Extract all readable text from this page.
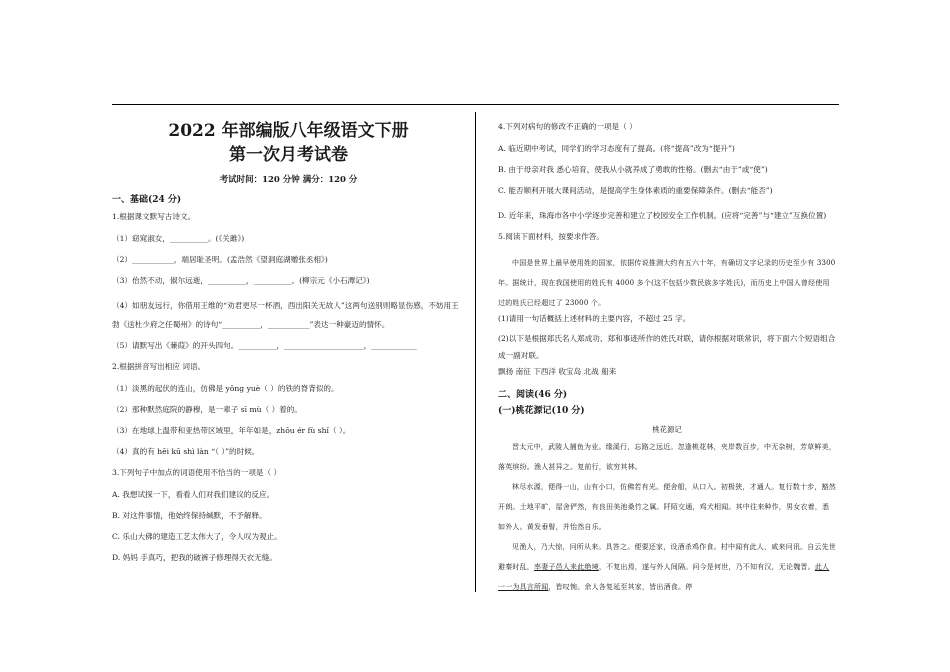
2022 年部编版八年级语文下册

第一次月考试卷

考试时间：120 分钟 满分：120 分

一、基础(24 分)

1.根据课文默写古诗文。

（1）窈窕淑女，__________。(《关雎》)

（2）___________，端居耻圣明。(孟浩然《望洞庭湖赠张丞相》)

（3）佁然不动，俶尔远逝，__________，__________。(柳宗元《小石潭记》)

（4）如朋友远行，你借用王维的“劝君更尽一杯酒，西出阳关无故人”这两句送别则略显伤感，不妨用王勃《送杜少府之任蜀州》的诗句“__________，___________”表达一种豪迈的情怀。

（5）请默写出《蒹葭》的开头四句。__________，_____________________，____________

2.根据拼音写出相应 词语。

（1）淡黑的起伏的连山，仿佛是 yǒng yuè（ ）的铁的脊背似的。

（2）那种默然庭院的静穆，是一辈子 sī mù（ ）着的。

（3）在地球上温带和亚热带区域里，年年如是，zhōu ér fù shǐ（ ）。

（4）真的有 hēi kū shì làn “（ ）”的时候。

3.下列句子中加点的词语使用不恰当的一项是（ ）

A. 我想试探一下，看看人们对我们建议的反应。

B. 对这件事情，他始终保持缄默，不予解释。

C. 乐山大佛的建造工艺太伟大了，令人叹为观止。

D. 妈妈 手真巧，把我的破裤子修理得天衣无缝。

4.下列对病句的修改不正确的一项是（ ）

A. 临近期中考试，同学们的学习态度有了提高。(将“提高”改为“提升”)

B. 由于母亲对我 悉心培育，使我从小就养成了勇敢的性格。(删去“由于”或“使”)

C. 能否顺利开展大课间活动，是提高学生身体素质的重要保障条件。(删去“能否”)

D. 近年来，珠海市各中小学逐步完善和建立了校园安全工作机制。(应将“完善”与“建立”互换位置)

5.阅读下面材料，按要求作答。

中国是世界上最早使用姓的国家，依据传说推测大约有五六十年，有确切文字记录的历史至少有 3300 年。据统计，现在我国使用的姓氏有 4000 多个(这不包括少数民族多字姓氏)，而历史上中国人曾经使用过的姓氏已经超过了 23000 个。

(1)请用一句话概括上述材料的主要内容，不超过 25 字。

(2)以下是根据郑氏名人郑成功、郑和事迹所作的姓氏对联，请你根据对联常识，将下面六个短语组合成一副对联。

飘扬 南征 下西洋 收宝岛 北战 船来

二、阅读(46 分)

(一)桃花源记(10 分)

桃花源记

晋太元中，武陵人捕鱼为业。缘溪行，忘路之远近。忽逢桃花林，夹岸数百步，中无杂树，芳草鲜美，落英缤纷。渔人甚异之。复前行，欲穷其林。

林尽水源，便得一山，山有小口，仿佛若有光。便舍船，从口入。初极狭，才通人。复行数十步，豁然开朗。土地平旷，屋舍俨然，有良田美池桑竹之属。阡陌交通，鸡犬相闻。其中往来种作，男女衣着，悉如外人。黄发垂髫，并怡然自乐。

见渔人，乃大惊，问所从来。具答之。便要还家，设酒杀鸡作食。村中闻有此人，咸来问讯。自云先世避秦时乱，率妻子邑人来此绝境，不复出焉，遂与外人间隔。问今是何世，乃不知有汉，无论魏晋。此人一一为具言所闻，皆叹惋。余人各复延至其家，皆出酒食。停
